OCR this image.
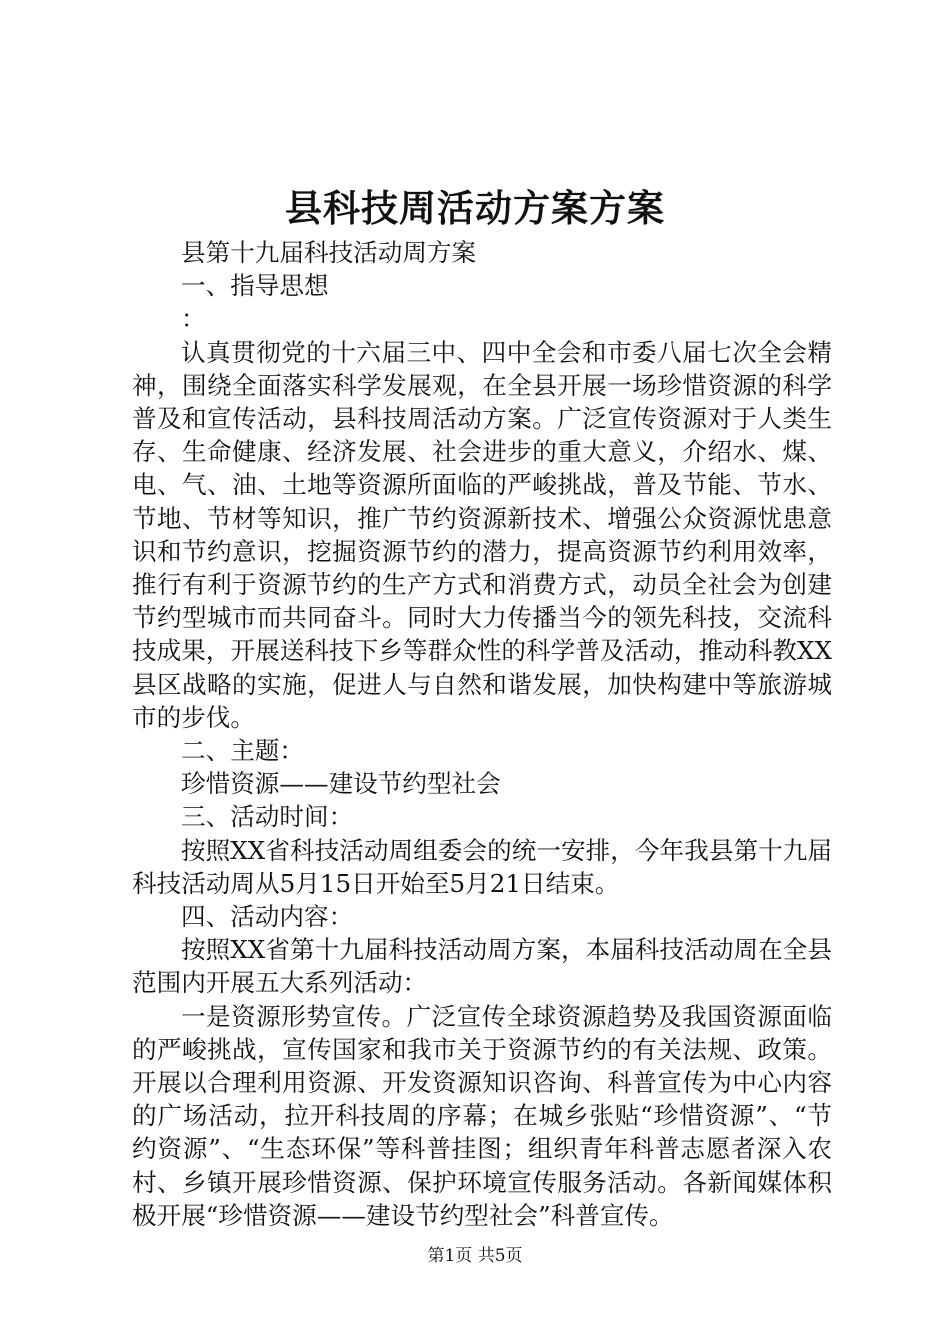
县科技周活动方案方案

县第十九届科技活动周方案

一、指导思想

：

认真贯彻党的十六届三中、四中全会和市委八届七次全会精神，围绕全面落实科学发展观，在全县开展一场珍惜资源的科学普及和宣传活动，县科技周活动方案。广泛宣传资源对于人类生存、生命健康、经济发展、社会进步的重大意义，介绍水、煤、电、气、油、土地等资源所面临的严峻挑战，普及节能、节水、节地、节材等知识，推广节约资源新技术、增强公众资源忧患意识和节约意识，挖掘资源节约的潜力，提高资源节约利用效率，推行有利于资源节约的生产方式和消费方式，动员全社会为创建节约型城市而共同奋斗。同时大力传播当今的领先科技，交流科技成果，开展送科技下乡等群众性的科学普及活动，推动科教XX县区战略的实施，促进人与自然和谐发展，加快构建中等旅游城市的步伐。

二、主题：

珍惜资源——建设节约型社会

三、活动时间：

按照XX省科技活动周组委会的统一安排，今年我县第十九届科技活动周从5月15日开始至5月21日结束。

四、活动内容：

按照XX省第十九届科技活动周方案，本届科技活动周在全县范围内开展五大系列活动：

一是资源形势宣传。广泛宣传全球资源趋势及我国资源面临的严峻挑战，宣传国家和我市关于资源节约的有关法规、政策。开展以合理利用资源、开发资源知识咨询、科普宣传为中心内容的广场活动，拉开科技周的序幕；在城乡张贴“珍惜资源”、“节约资源”、“生态环保”等科普挂图；组织青年科普志愿者深入农村、乡镇开展珍惜资源、保护环境宣传服务活动。各新闻媒体积极开展“珍惜资源——建设节约型社会”科普宣传。

第1页 共5页
